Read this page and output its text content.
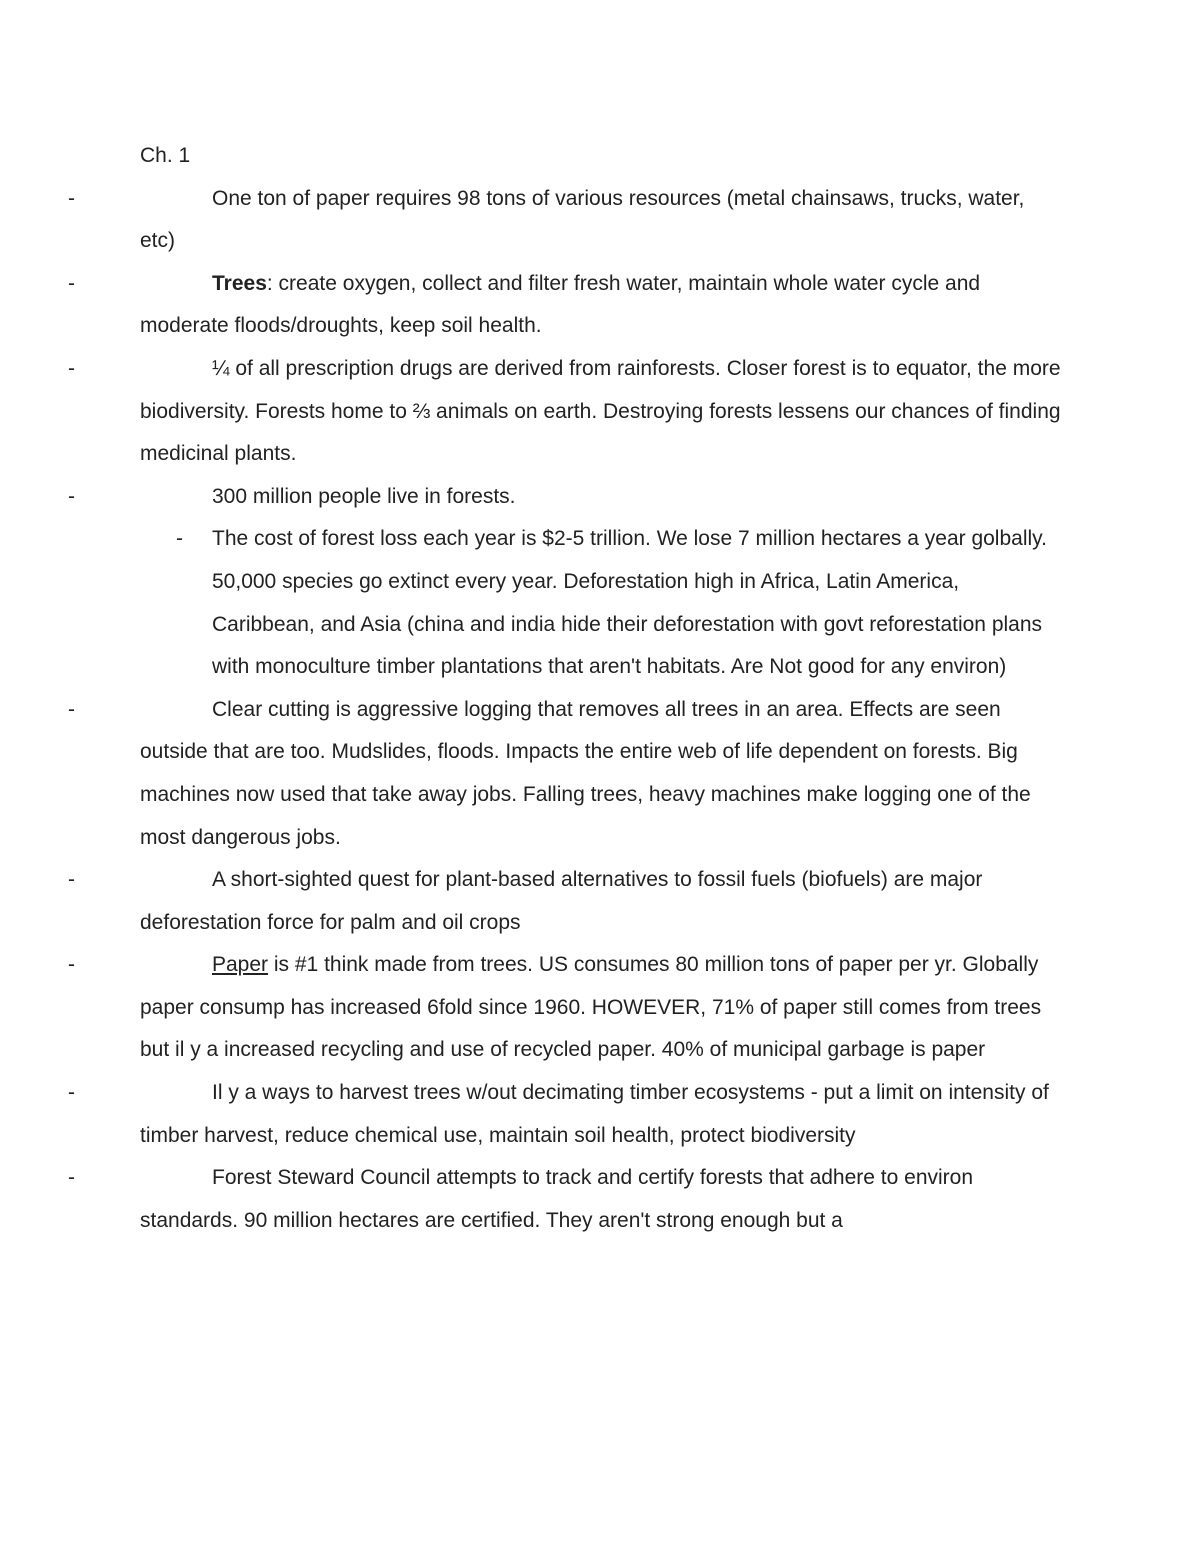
Ch. 1

-	One ton of paper requires 98 tons of various resources (metal chainsaws, trucks, water, etc)

-	Trees: create oxygen, collect and filter fresh water, maintain whole water cycle and moderate floods/droughts, keep soil health.

-	¼ of all prescription drugs are derived from rainforests. Closer forest is to equator, the more biodiversity. Forests home to ⅔ animals on earth. Destroying forests lessens our chances of finding medicinal plants.

-	300 million people live in forests.

-	The cost of forest loss each year is $2-5 trillion. We lose 7 million hectares a year golbally. 50,000 species go extinct every year. Deforestation high in Africa, Latin America, Caribbean, and Asia (china and india hide their deforestation with govt reforestation plans with monoculture timber plantations that aren't habitats. Are Not good for any environ)

-	Clear cutting is aggressive logging that removes all trees in an area. Effects are seen outside that are too. Mudslides, floods. Impacts the entire web of life dependent on forests. Big machines now used that take away jobs. Falling trees, heavy machines make logging one of the most dangerous jobs.

-	A short-sighted quest for plant-based alternatives to fossil fuels (biofuels) are major deforestation force for palm and oil crops

-	Paper is #1 think made from trees. US consumes 80 million tons of paper per yr. Globally paper consump has increased 6fold since 1960. HOWEVER, 71% of paper still comes from trees but il y a increased recycling and use of recycled paper. 40% of municipal garbage is paper

-	Il y a ways to harvest trees w/out decimating timber ecosystems - put a limit on intensity of timber harvest, reduce chemical use, maintain soil health, protect biodiversity

-	Forest Steward Council attempts to track and certify forests that adhere to environ standards. 90 million hectares are certified. They aren't strong enough but a
